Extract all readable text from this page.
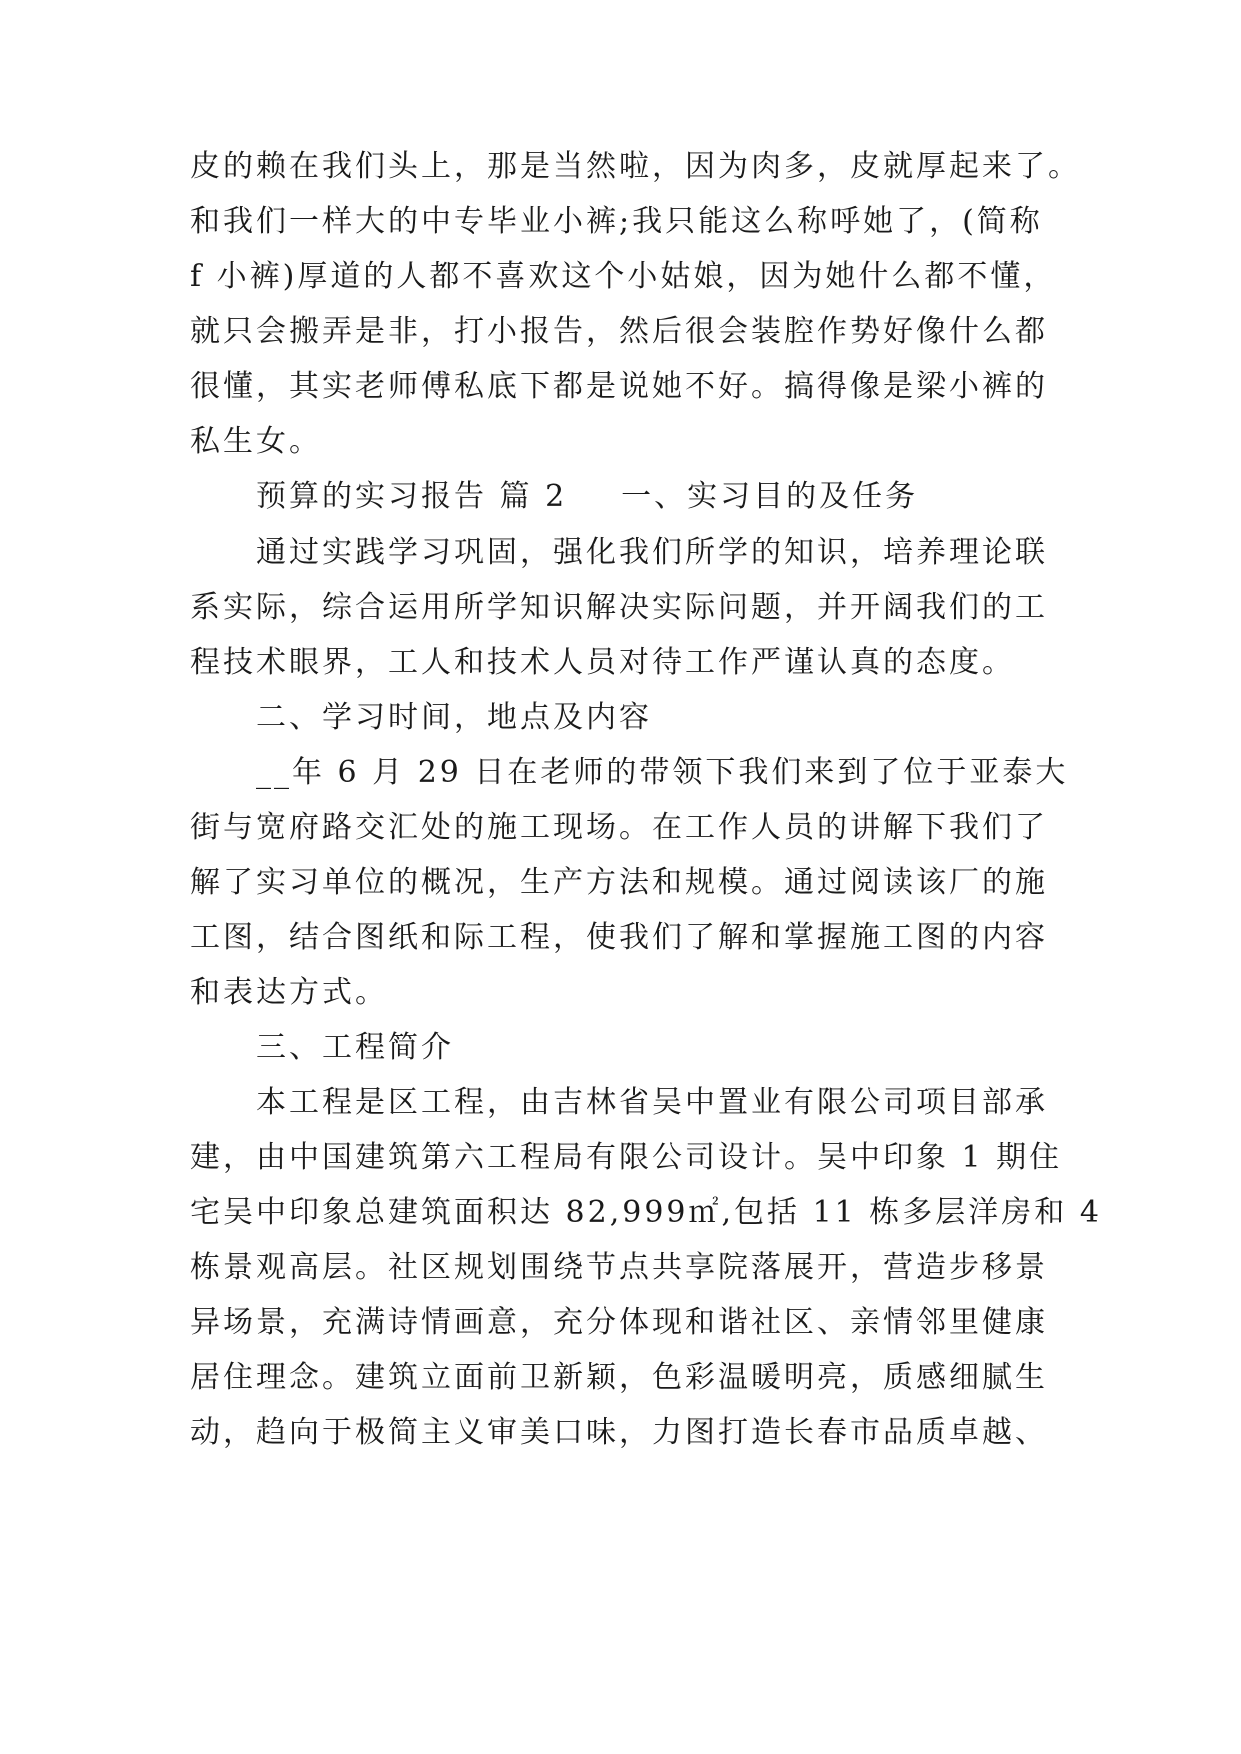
皮的赖在我们头上，那是当然啦，因为肉多，皮就厚起来了。
和我们一样大的中专毕业小裤;我只能这么称呼她了，(简称
f 小裤)厚道的人都不喜欢这个小姑娘，因为她什么都不懂，
就只会搬弄是非，打小报告，然后很会装腔作势好像什么都
很懂，其实老师傅私底下都是说她不好。搞得像是梁小裤的
私生女。
预算的实习报告 篇 2 一、实习目的及任务
通过实践学习巩固，强化我们所学的知识，培养理论联
系实际，综合运用所学知识解决实际问题，并开阔我们的工
程技术眼界，工人和技术人员对待工作严谨认真的态度。
二、学习时间，地点及内容
__年 6 月 29 日在老师的带领下我们来到了位于亚泰大
街与宽府路交汇处的施工现场。在工作人员的讲解下我们了
解了实习单位的概况，生产方法和规模。通过阅读该厂的施
工图，结合图纸和际工程，使我们了解和掌握施工图的内容
和表达方式。
三、工程简介
本工程是区工程，由吉林省吴中置业有限公司项目部承
建，由中国建筑第六工程局有限公司设计。吴中印象 1 期住
宅吴中印象总建筑面积达 82,999㎡,包括 11 栋多层洋房和 4
栋景观高层。社区规划围绕节点共享院落展开，营造步移景
异场景，充满诗情画意，充分体现和谐社区、亲情邻里健康
居住理念。建筑立面前卫新颖，色彩温暖明亮，质感细腻生
动，趋向于极简主义审美口味，力图打造长春市品质卓越、
